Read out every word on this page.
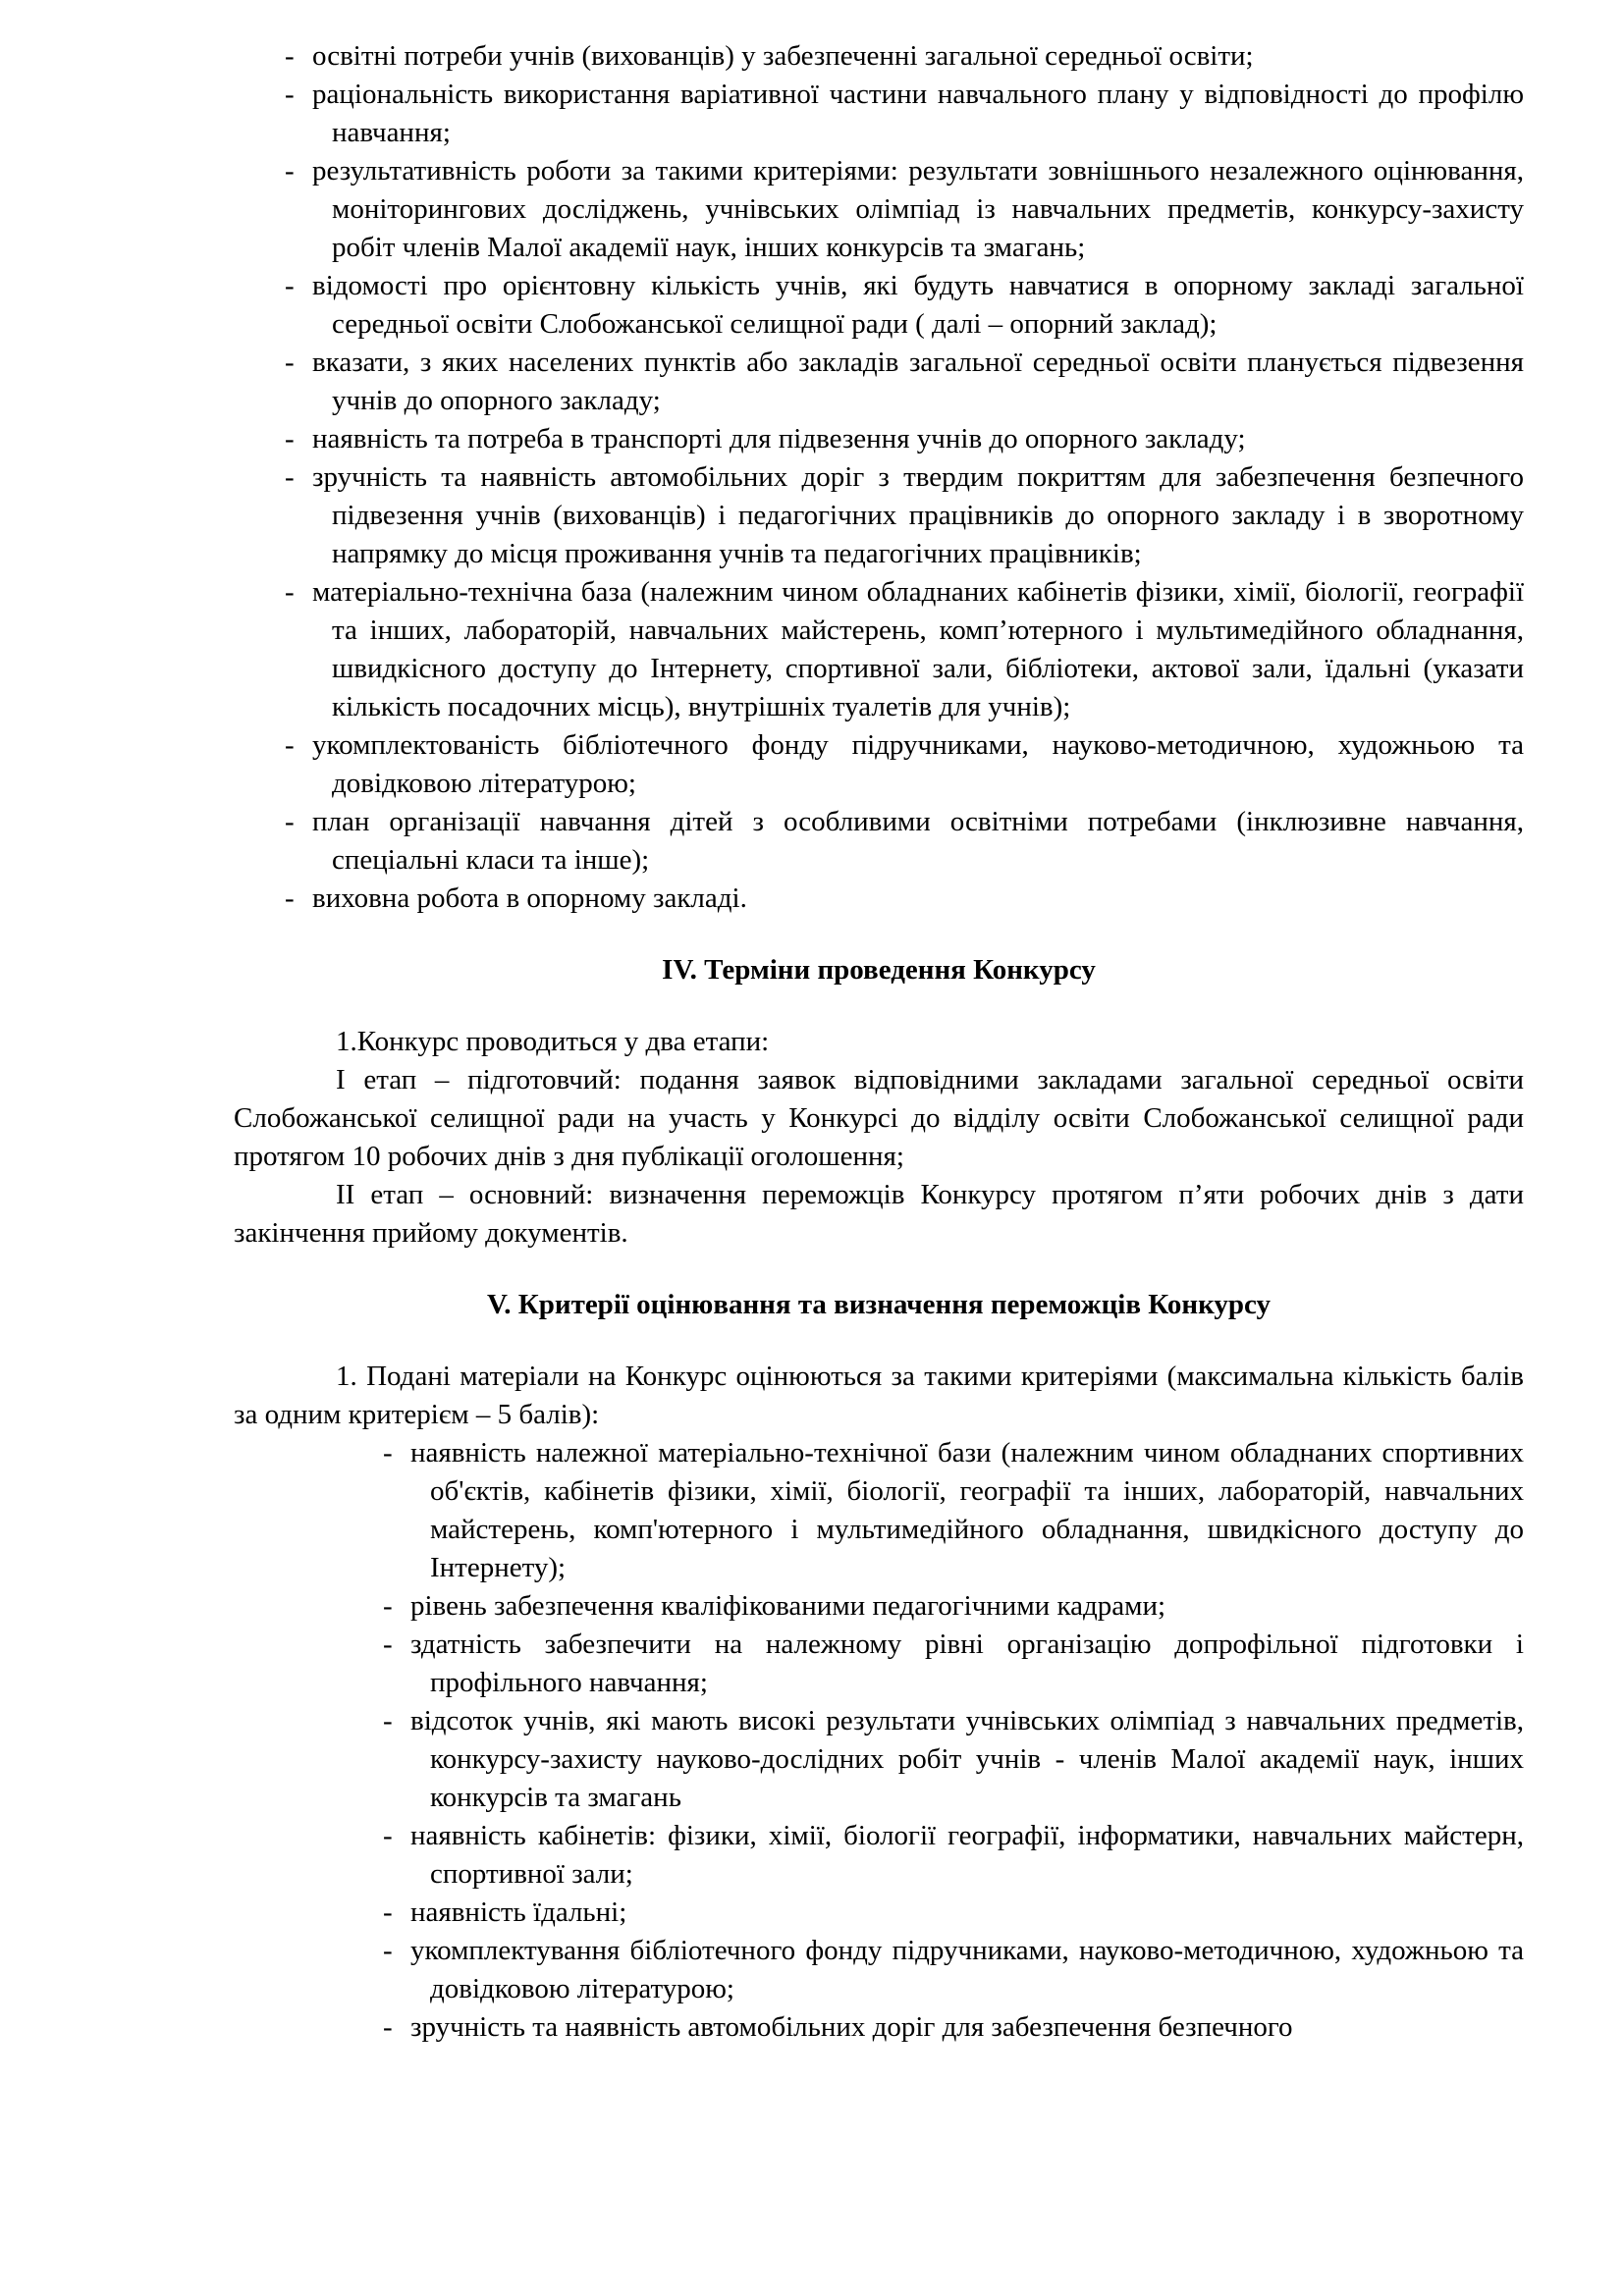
- освітні потреби учнів (вихованців) у забезпеченні загальної середньої освіти;
- раціональність використання варіативної частини навчального плану у відповідності до профілю навчання;
- результативність роботи за такими критеріями: результати зовнішнього незалежного оцінювання, моніторингових досліджень, учнівських олімпіад із навчальних предметів, конкурсу-захисту робіт членів Малої академії наук, інших конкурсів та змагань;
- відомості про орієнтовну кількість учнів, які будуть навчатися в опорному закладі загальної середньої освіти Слобожанської селищної ради ( далі – опорний заклад);
- вказати, з яких населених пунктів або закладів загальної середньої освіти планується підвезення учнів до опорного закладу;
- наявність та потреба в транспорті для підвезення учнів до опорного закладу;
- зручність та наявність автомобільних доріг з твердим покриттям для забезпечення безпечного підвезення учнів (вихованців) і педагогічних працівників до опорного закладу і в зворотному напрямку до місця проживання учнів та педагогічних працівників;
- матеріально-технічна база (належним чином обладнаних кабінетів фізики, хімії, біології, географії та інших, лабораторій, навчальних майстерень, комп’ютерного і мультимедійного обладнання, швидкісного доступу до Інтернету, спортивної зали, бібліотеки, актової зали, їдальні (указати кількість посадочних місць), внутрішніх туалетів для учнів);
- укомплектованість бібліотечного фонду підручниками, науково-методичною, художньою та довідковою літературою;
- план організації навчання дітей з особливими освітніми потребами (інклюзивне навчання, спеціальні класи та інше);
- виховна робота в опорному закладі.
IV. Терміни проведення Конкурсу

1.Конкурс проводиться у два етапи:

I етап – підготовчий: подання заявок відповідними закладами загальної середньої освіти Слобожанської селищної ради на участь у Конкурсі до відділу освіти Слобожанської селищної ради протягом 10 робочих днів з дня публікації оголошення;

II етап – основний: визначення переможців Конкурсу протягом п’яти робочих днів з дати закінчення прийому документів.

V. Критерії оцінювання та визначення переможців Конкурсу

1. Подані матеріали на Конкурс оцінюються за такими критеріями (максимальна кількість балів за одним критерієм – 5 балів):

- наявність належної матеріально-технічної бази (належним чином обладнаних спортивних об'єктів, кабінетів фізики, хімії, біології, географії та інших, лабораторій, навчальних майстерень, комп'ютерного і мультимедійного обладнання, швидкісного доступу до Інтернету);
- рівень забезпечення кваліфікованими педагогічними кадрами;
- здатність забезпечити на належному рівні організацію допрофільної підготовки і профільного навчання;
- відсоток учнів, які мають високі результати учнівських олімпіад з навчальних предметів, конкурсу-захисту науково-дослідних робіт учнів - членів Малої академії наук, інших конкурсів та змагань
- наявність кабінетів: фізики, хімії, біології географії, інформатики, навчальних майстерн, спортивної зали;
- наявність їдальні;
- укомплектування бібліотечного фонду підручниками, науково-методичною, художньою та довідковою літературою;
- зручність та наявність автомобільних доріг для забезпечення безпечного
